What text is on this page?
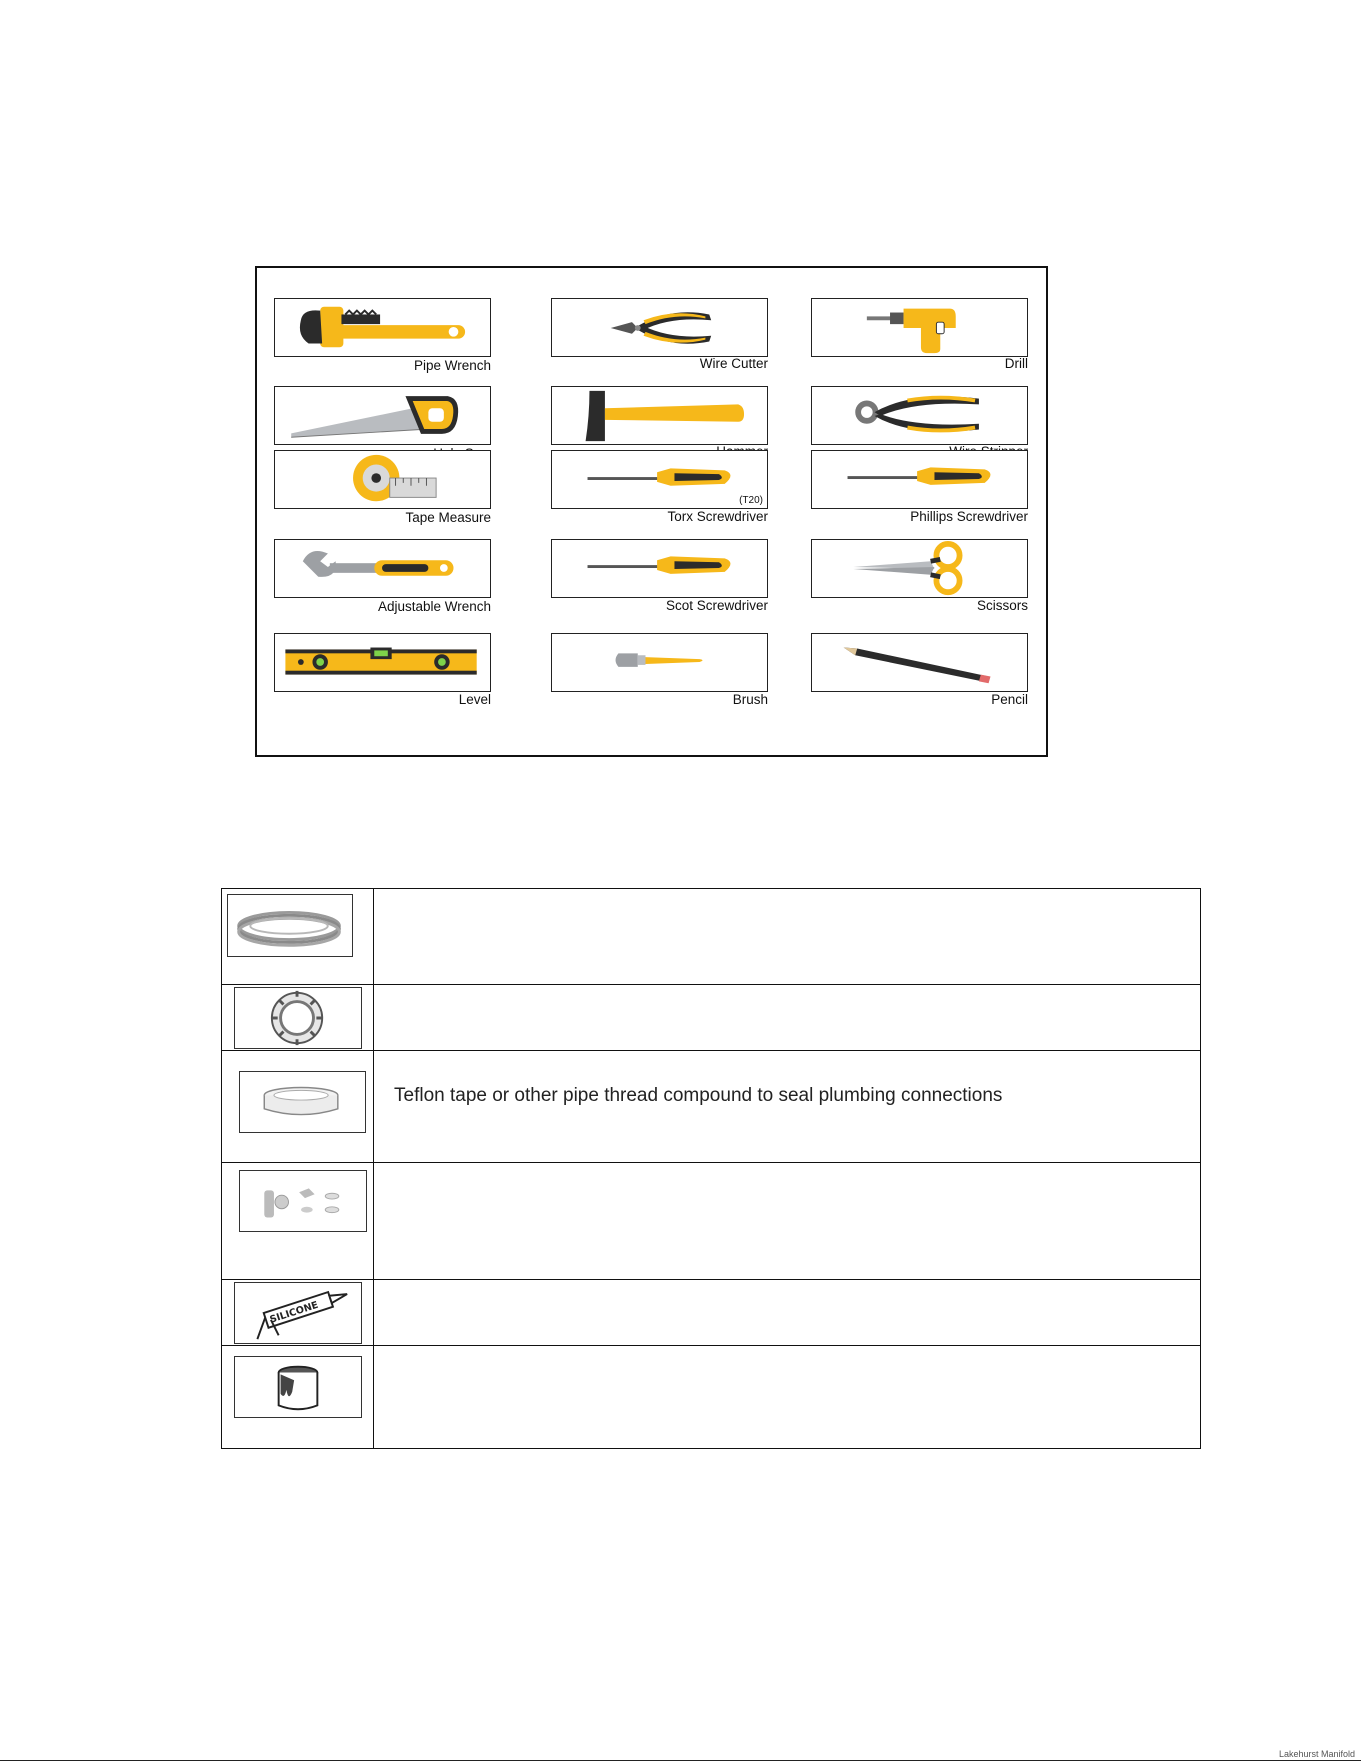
Pipe Wrench	Wire Cutter	Drill
Tape Measure
(T20)
Torx Screwdriver	Phillips Screwdriver
Adjustable Wrench	Scot Screwdriver	Scissors
Level	Brush	Pencil
Teflon tape or other pipe thread compound to seal plumbing connections
SILICONE
Lakehurst Manifold
